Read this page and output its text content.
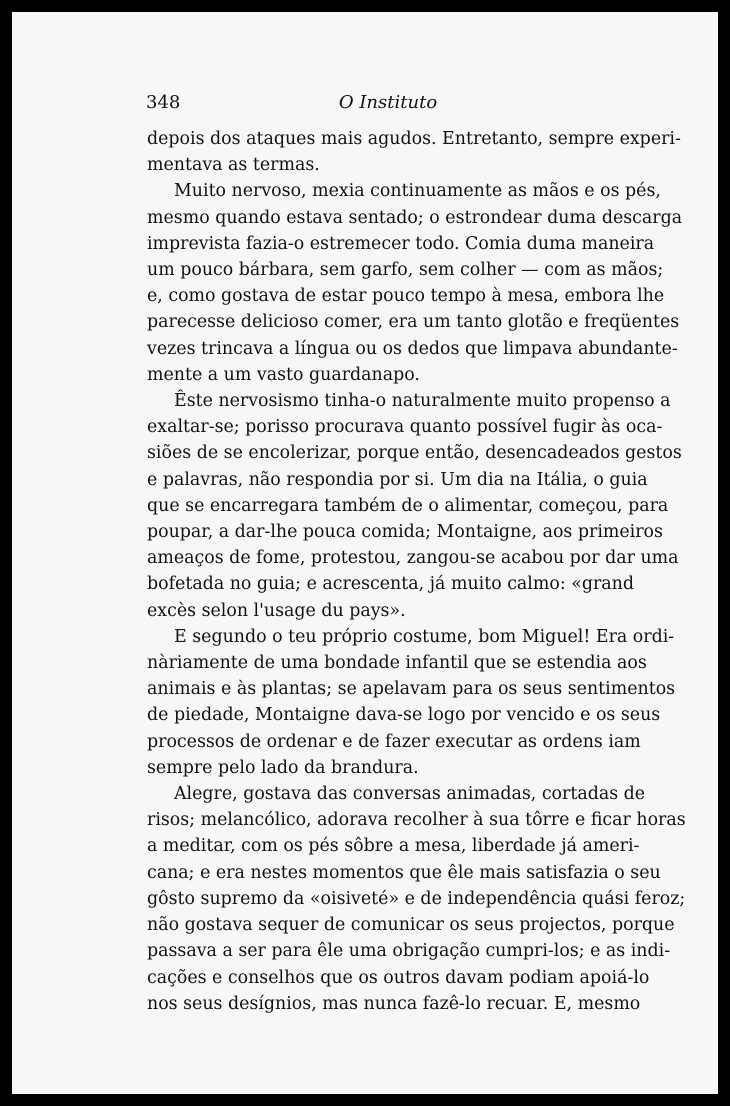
348	O Instituto
depois dos ataques mais agudos. Entretanto, sempre experi-
mentava as termas.
Muito nervoso, mexia continuamente as mãos e os pés,
mesmo quando estava sentado; o estrondear duma descarga
imprevista fazia-o estremecer todo. Comia duma maneira
um pouco bárbara, sem garfo, sem colher — com as mãos;
e, como gostava de estar pouco tempo à mesa, embora lhe
parecesse delicioso comer, era um tanto glotão e freqüentes
vezes trincava a língua ou os dedos que limpava abundante-
mente a um vasto guardanapo.
Êste nervosismo tinha-o naturalmente muito propenso a
exaltar-se; porisso procurava quanto possível fugir às oca-
siões de se encolerizar, porque então, desencadeados gestos
e palavras, não respondia por si. Um dia na Itália, o guia
que se encarregara também de o alimentar, começou, para
poupar, a dar-lhe pouca comida; Montaigne, aos primeiros
ameaços de fome, protestou, zangou-se acabou por dar uma
bofetada no guia; e acrescenta, já muito calmo: «grand
excès selon l'usage du pays».
E segundo o teu próprio costume, bom Miguel! Era ordi-
nàriamente de uma bondade infantil que se estendia aos
animais e às plantas; se apelavam para os seus sentimentos
de piedade, Montaigne dava-se logo por vencido e os seus
processos de ordenar e de fazer executar as ordens iam
sempre pelo lado da brandura.
Alegre, gostava das conversas animadas, cortadas de
risos; melancólico, adorava recolher à sua tôrre e ficar horas
a meditar, com os pés sôbre a mesa, liberdade já ameri-
cana; e era nestes momentos que êle mais satisfazia o seu
gôsto supremo da «oisiveté» e de independência quási feroz;
não gostava sequer de comunicar os seus projectos, porque
passava a ser para êle uma obrigação cumpri-los; e as indi-
cações e conselhos que os outros davam podiam apoiá-lo
nos seus desígnios, mas nunca fazê-lo recuar. E, mesmo
